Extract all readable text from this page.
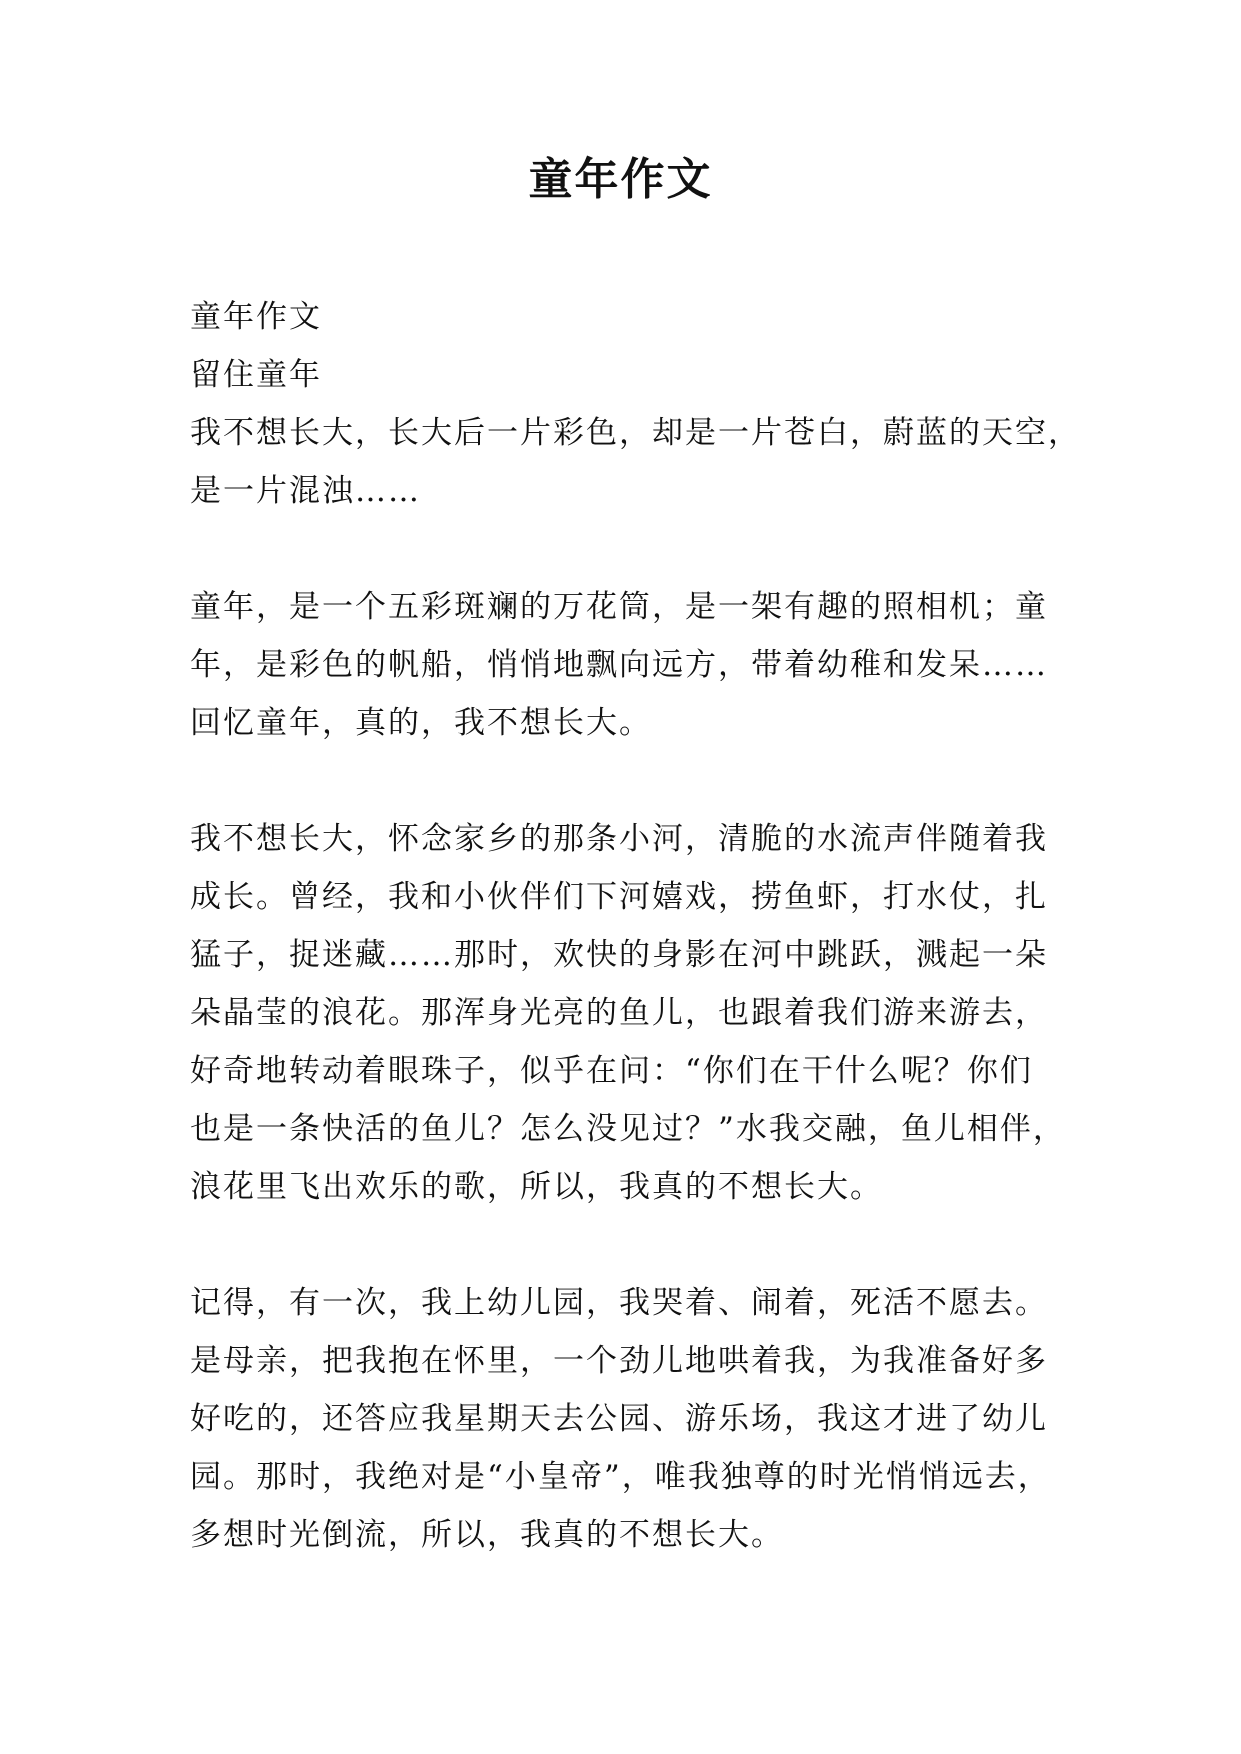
童年作文

童年作文

留住童年

我不想长大，长大后一片彩色，却是一片苍白，蔚蓝的天空，

是一片混浊……

童年，是一个五彩斑斓的万花筒，是一架有趣的照相机；童

年，是彩色的帆船，悄悄地飘向远方，带着幼稚和发呆……

回忆童年，真的，我不想长大。

我不想长大，怀念家乡的那条小河，清脆的水流声伴随着我

成长。曾经，我和小伙伴们下河嬉戏，捞鱼虾，打水仗，扎

猛子，捉迷藏……那时，欢快的身影在河中跳跃，溅起一朵

朵晶莹的浪花。那浑身光亮的鱼儿，也跟着我们游来游去，

好奇地转动着眼珠子，似乎在问：“你们在干什么呢？你们

也是一条快活的鱼儿？怎么没见过？”水我交融，鱼儿相伴，

浪花里飞出欢乐的歌，所以，我真的不想长大。

记得，有一次，我上幼儿园，我哭着、闹着，死活不愿去。

是母亲，把我抱在怀里，一个劲儿地哄着我，为我准备好多

好吃的，还答应我星期天去公园、游乐场，我这才进了幼儿

园。那时，我绝对是“小皇帝”，唯我独尊的时光悄悄远去，

多想时光倒流，所以，我真的不想长大。
